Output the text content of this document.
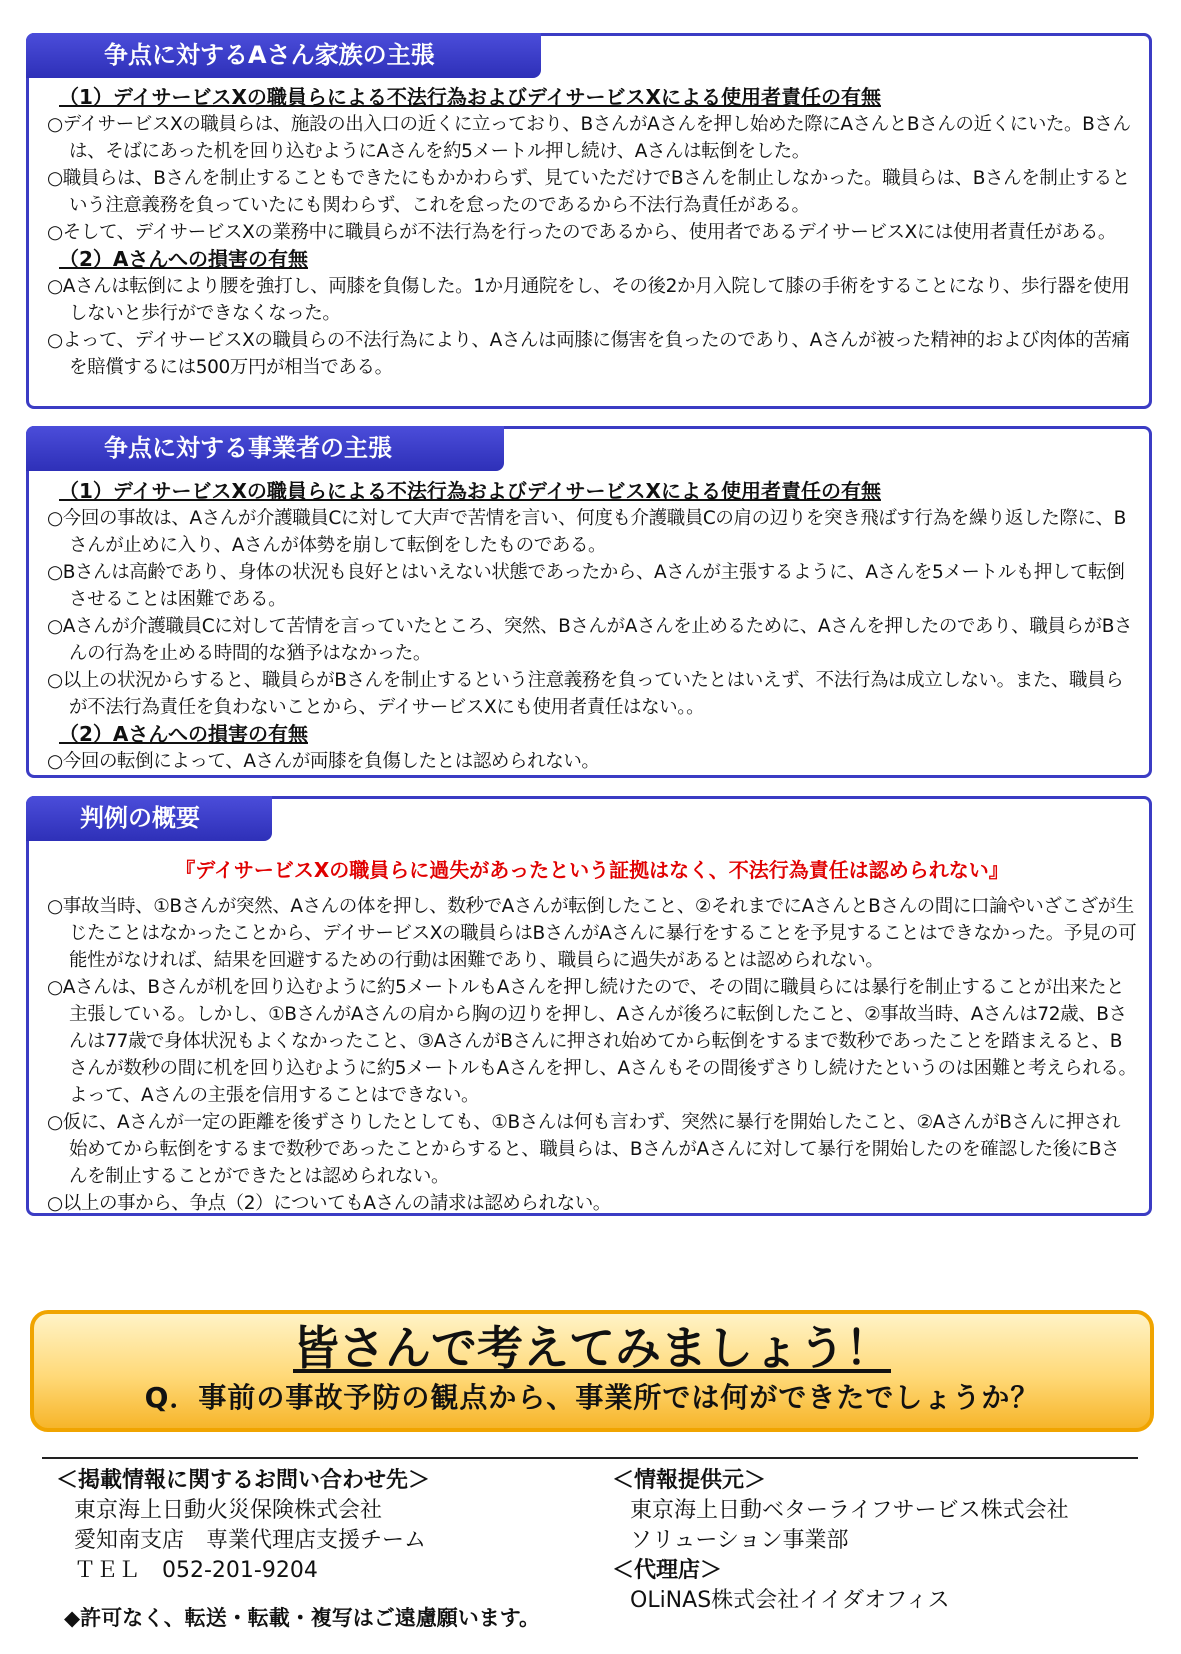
争点に対するAさん家族の主張
（1）デイサービスXの職員らによる不法行為およびデイサービスXによる使用者責任の有無
○デイサービスXの職員らは、施設の出入口の近くに立っており、BさんがAさんを押し始めた際にAさんとBさんの近くにいた。Bさんは、そばにあった机を回り込むようにAさんを約5メートル押し続け、Aさんは転倒をした。
○職員らは、Bさんを制止することもできたにもかかわらず、見ていただけでBさんを制止しなかった。職員らは、Bさんを制止するという注意義務を負っていたにも関わらず、これを怠ったのであるから不法行為責任がある。
○そして、デイサービスXの業務中に職員らが不法行為を行ったのであるから、使用者であるデイサービスXには使用者責任がある。
（2）Aさんへの損害の有無
○Aさんは転倒により腰を強打し、両膝を負傷した。1か月通院をし、その後2か月入院して膝の手術をすることになり、歩行器を使用しないと歩行ができなくなった。
○よって、デイサービスXの職員らの不法行為により、Aさんは両膝に傷害を負ったのであり、Aさんが被った精神的および肉体的苦痛を賠償するには500万円が相当である。
争点に対する事業者の主張
（1）デイサービスXの職員らによる不法行為およびデイサービスXによる使用者責任の有無
○今回の事故は、Aさんが介護職員Cに対して大声で苦情を言い、何度も介護職員Cの肩の辺りを突き飛ばす行為を繰り返した際に、Bさんが止めに入り、Aさんが体勢を崩して転倒をしたものである。
○Bさんは高齢であり、身体の状況も良好とはいえない状態であったから、Aさんが主張するように、Aさんを5メートルも押して転倒させることは困難である。
○Aさんが介護職員Cに対して苦情を言っていたところ、突然、BさんがAさんを止めるために、Aさんを押したのであり、職員らがBさんの行為を止める時間的な猶予はなかった。
○以上の状況からすると、職員らがBさんを制止するという注意義務を負っていたとはいえず、不法行為は成立しない。また、職員らが不法行為責任を負わないことから、デイサービスXにも使用者責任はない。。
（2）Aさんへの損害の有無
○今回の転倒によって、Aさんが両膝を負傷したとは認められない。
判例の概要
『デイサービスXの職員らに過失があったという証拠はなく、不法行為責任は認められない』
○事故当時、①Bさんが突然、Aさんの体を押し、数秒でAさんが転倒したこと、②それまでにAさんとBさんの間に口論やいざこざが生じたことはなかったことから、デイサービスXの職員らはBさんがAさんに暴行をすることを予見することはできなかった。予見の可能性がなければ、結果を回避するための行動は困難であり、職員らに過失があるとは認められない。
○Aさんは、Bさんが机を回り込むように約5メートルもAさんを押し続けたので、その間に職員らには暴行を制止することが出来たと主張している。しかし、①BさんがAさんの肩から胸の辺りを押し、Aさんが後ろに転倒したこと、②事故当時、Aさんは72歳、Bさんは77歳で身体状況もよくなかったこと、③AさんがBさんに押され始めてから転倒をするまで数秒であったことを踏まえると、Bさんが数秒の間に机を回り込むように約5メートルもAさんを押し、Aさんもその間後ずさりし続けたというのは困難と考えられる。よって、Aさんの主張を信用することはできない。
○仮に、Aさんが一定の距離を後ずさりしたとしても、①Bさんは何も言わず、突然に暴行を開始したこと、②AさんがBさんに押され始めてから転倒をするまで数秒であったことからすると、職員らは、BさんがAさんに対して暴行を開始したのを確認した後にBさんを制止することができたとは認められない。
○以上の事から、争点（2）についてもAさんの請求は認められない。
皆さんで考えてみましょう！
Q．事前の事故予防の観点から、事業所では何ができたでしょうか？
＜掲載情報に関するお問い合わせ先＞
東京海上日動火災保険株式会社
愛知南支店　専業代理店支援チーム
ＴＥＬ　052-201-9204
＜情報提供元＞
東京海上日動ベターライフサービス株式会社
ソリューション事業部
＜代理店＞
OLiNAS株式会社イイダオフィス
◆許可なく、転送・転載・複写はご遠慮願います。
